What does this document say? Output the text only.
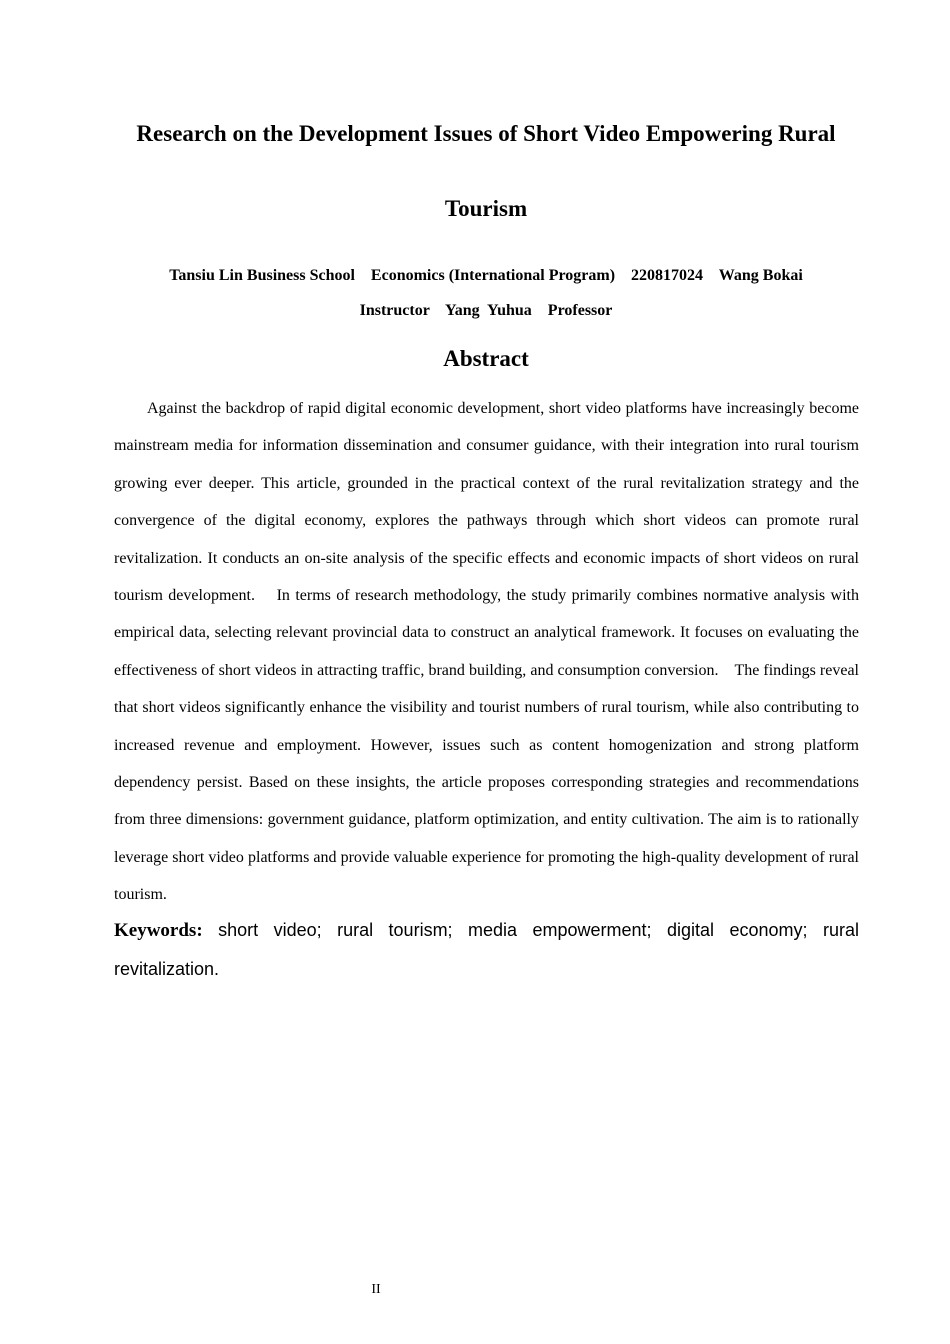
Research on the Development Issues of Short Video Empowering Rural Tourism
Tansiu Lin Business School    Economics (International Program)    220817024    Wang Bokai
Instructor    Yang  Yuhua    Professor
Abstract

Against the backdrop of rapid digital economic development, short video platforms have increasingly become mainstream media for information dissemination and consumer guidance, with their integration into rural tourism growing ever deeper. This article, grounded in the practical context of the rural revitalization strategy and the convergence of the digital economy, explores the pathways through which short videos can promote rural revitalization. It conducts an on-site analysis of the specific effects and economic impacts of short videos on rural tourism development.    In terms of research methodology, the study primarily combines normative analysis with empirical data, selecting relevant provincial data to construct an analytical framework. It focuses on evaluating the effectiveness of short videos in attracting traffic, brand building, and consumption conversion.    The findings reveal that short videos significantly enhance the visibility and tourist numbers of rural tourism, while also contributing to increased revenue and employment. However, issues such as content homogenization and strong platform dependency persist. Based on these insights, the article proposes corresponding strategies and recommendations from three dimensions: government guidance, platform optimization, and entity cultivation. The aim is to rationally leverage short video platforms and provide valuable experience for promoting the high-quality development of rural tourism.

Keywords: short video; rural tourism; media empowerment; digital economy; rural revitalization.

II
